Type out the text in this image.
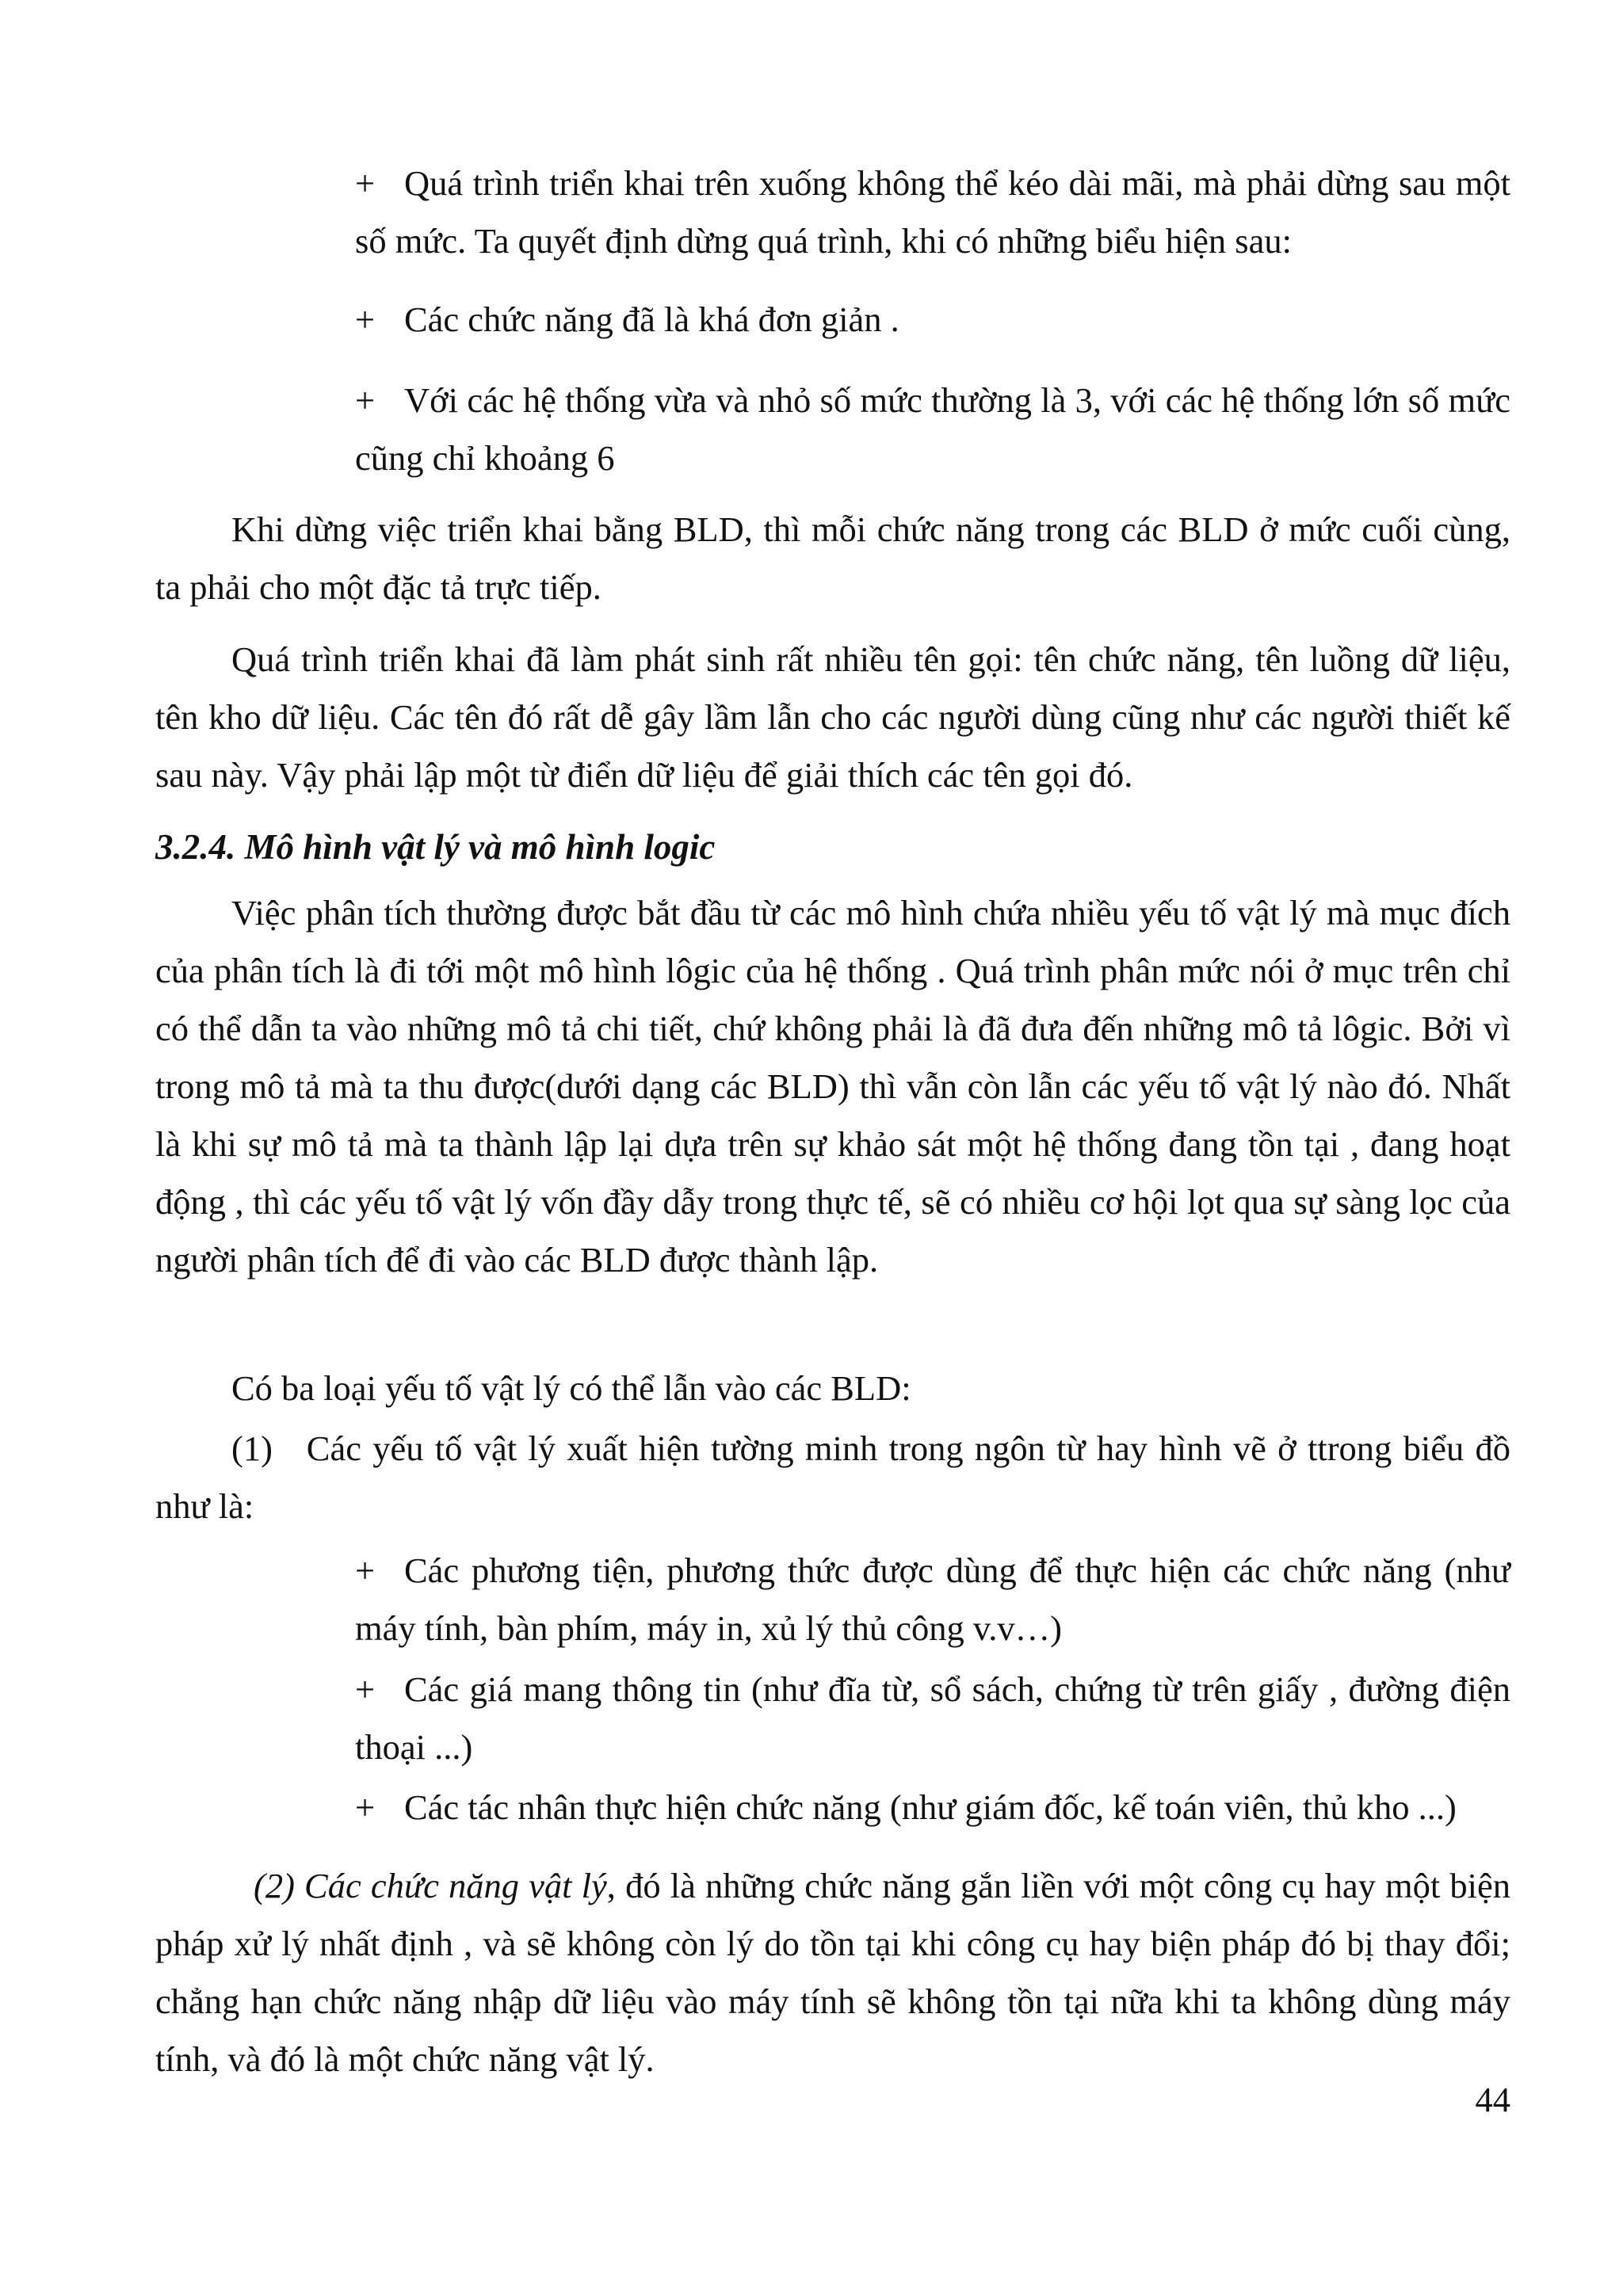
+ Quá trình triển khai trên xuống không thể kéo dài mãi, mà phải dừng sau một số mức. Ta quyết định dừng quá trình, khi có những biểu hiện sau:

+ Các chức năng đã là khá đơn giản .

+ Với các hệ thống vừa và nhỏ số mức thường là 3, với các hệ thống lớn số mức cũng chỉ khoảng 6

Khi dừng việc triển khai bằng BLD, thì mỗi chức năng trong các BLD ở mức cuối cùng, ta phải cho một đặc tả trực tiếp.

Quá trình triển khai đã làm phát sinh rất nhiều tên gọi: tên chức năng, tên luồng dữ liệu, tên kho dữ liệu. Các tên đó rất dễ gây lầm lẫn cho các người dùng cũng như các người thiết kế sau này. Vậy phải lập một từ điển dữ liệu để giải thích các tên gọi đó.

3.2.4. Mô hình vật lý và mô hình logic

Việc phân tích thường được bắt đầu từ các mô hình chứa nhiều yếu tố vật lý mà mục đích của phân tích là đi tới một mô hình lôgic của hệ thống . Quá trình phân mức nói ở mục trên chỉ có thể dẫn ta vào những mô tả chi tiết, chứ không phải là đã đưa đến những mô tả lôgic. Bởi vì trong mô tả mà ta thu được(dưới dạng các BLD) thì vẫn còn lẫn các yếu tố vật lý nào đó. Nhất là khi sự mô tả mà ta thành lập lại dựa trên sự khảo sát một hệ thống đang tồn tại , đang hoạt động , thì các yếu tố vật lý vốn đầy dẫy trong thực tế, sẽ có nhiều cơ hội lọt qua sự sàng lọc của người phân tích để đi vào các BLD được thành lập.

Có ba loại yếu tố vật lý có thể lẫn vào các BLD:

(1) Các yếu tố vật lý xuất hiện tường minh trong ngôn từ hay hình vẽ ở ttrong biểu đồ như là:

+ Các phương tiện, phương thức được dùng để thực hiện các chức năng (như máy tính, bàn phím, máy in, xủ lý thủ công v.v…)

+ Các giá mang thông tin (như đĩa từ, sổ sách, chứng từ trên giấy , đường điện thoại ...)

+ Các tác nhân thực hiện chức năng (như giám đốc, kế toán viên, thủ kho ...)

(2) Các chức năng vật lý, đó là những chức năng gắn liền với một công cụ hay một biện pháp xử lý nhất định , và sẽ không còn lý do tồn tại khi công cụ hay biện pháp đó bị thay đổi; chẳng hạn chức năng nhập dữ liệu vào máy tính sẽ không tồn tại nữa khi ta không dùng máy tính, và đó là một chức năng vật lý.

44
